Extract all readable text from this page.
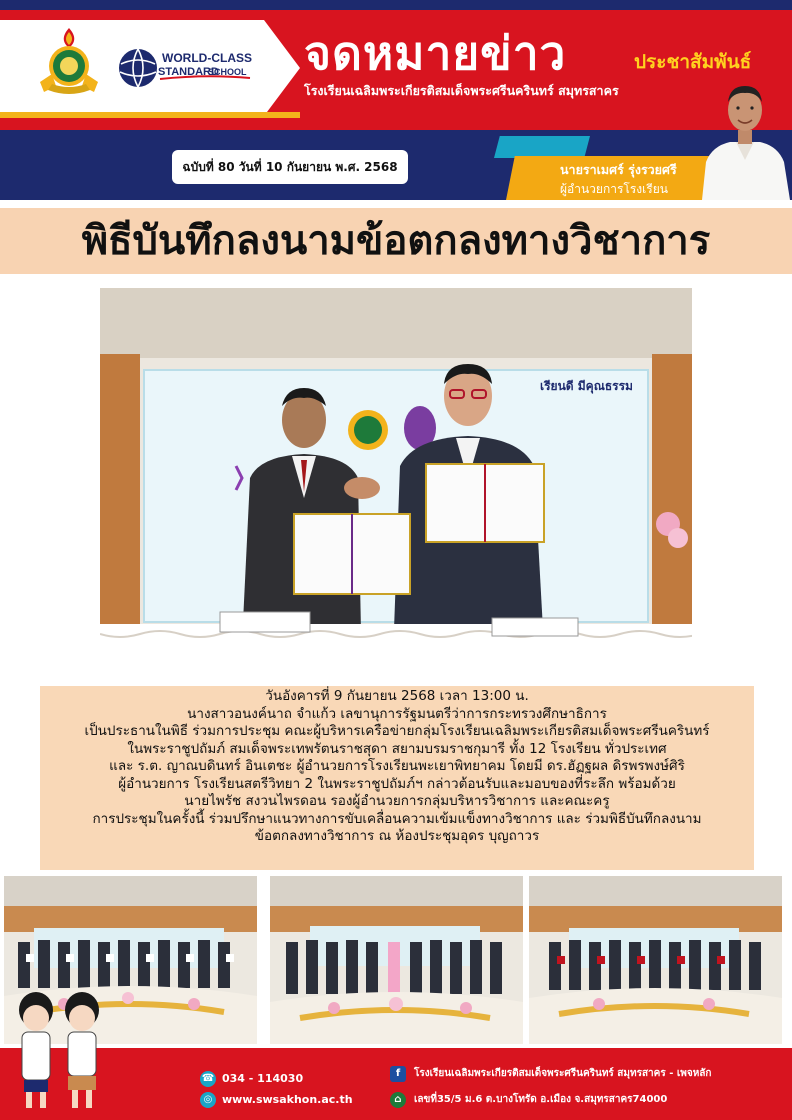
WORLD-CLASS
STANDARD
SCHOOL จดหมายข่าว	ประชาสัมพันธ์
โรงเรียนเฉลิมพระเกียรติสมเด็จพระศรีนครินทร์ สมุทรสาคร
ฉบับที่ 80 วันที่ 10 กันยายน พ.ศ. 2568	นายราเมศร์ รุ่งรวยศรี
ผู้อำนวยการโรงเรียน
พิธีบันทึกลงนามข้อตกลงทางวิชาการ
เรียนดี มีคุณธรรม
วันอังคารที่ 9 กันยายน 2568 เวลา 13:00 น.
นางสาวอนงค์นาถ จำแก้ว เลขานุการรัฐมนตรีว่าการกระทรวงศึกษาธิการ
เป็นประธานในพิธี ร่วมการประชุม คณะผู้บริหารเครือข่ายกลุ่มโรงเรียนเฉลิมพระเกียรติสมเด็จพระศรีนครินทร์
ในพระราชูปถัมภ์ สมเด็จพระเทพรัตนราชสุดา สยามบรมราชกุมารี ทั้ง 12 โรงเรียน ทั่วประเทศ
และ ร.ต. ญาณบดินทร์ อินเตชะ ผู้อำนวยการโรงเรียนพะเยาพิทยาคม โดยมี ดร.ฮัฏฐผล ดิรพรพงษ์ศิริ
ผู้อำนวยการ โรงเรียนสตรีวิทยา 2 ในพระราชูปถัมภ์ฯ กล่าวต้อนรับและมอบของที่ระลึก พร้อมด้วย
นายไพรัช สงวนไพรดอน รองผู้อำนวยการกลุ่มบริหารวิชาการ และคณะครู
การประชุมในครั้งนี้ ร่วมปรึกษาแนวทางการขับเคลื่อนความเข้มแข็งทางวิชาการ และ ร่วมพิธีบันทึกลงนาม
ข้อตกลงทางวิชาการ ณ ห้องประชุมอุดร บุญถาวร
☎ 034 - 114030
◎ www.swsakhon.ac.th
f	โรงเรียนเฉลิมพระเกียรติสมเด็จพระศรีนครินทร์ สมุทรสาคร - เพจหลัก
⌂	เลขที่35/5 ม.6 ต.บางโทรัด อ.เมือง จ.สมุทรสาคร74000
